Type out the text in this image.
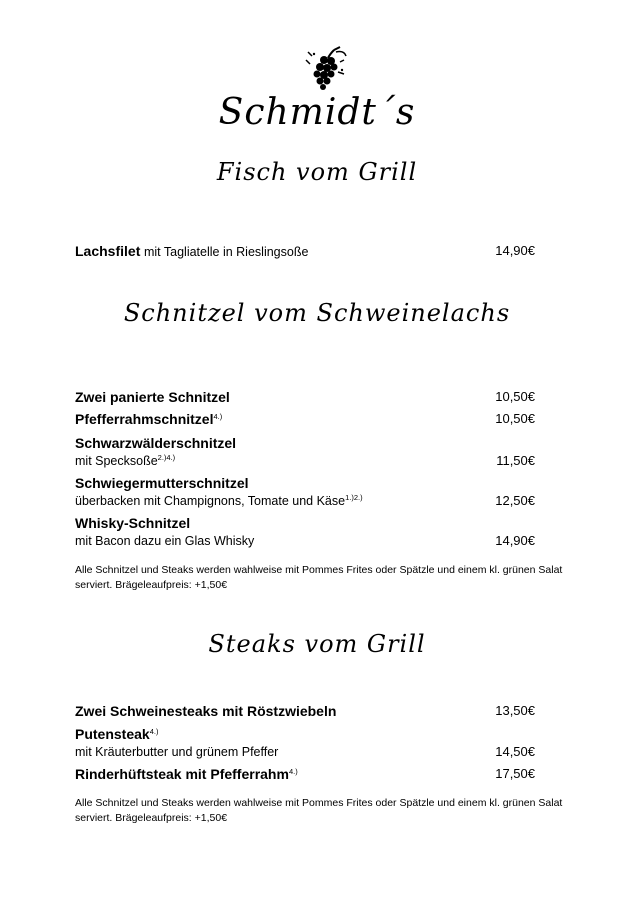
Schmidt´s
Fisch vom Grill
Lachsfilet mit Tagliatelle in Rieslingsoße	14,90€
Schnitzel vom Schweinelachs
Zwei panierte Schnitzel	10,50€
Pfefferrahmschnitzel$^{4.)}$	10,50€
Schwarzwälderschnitzel
mit Specksoße$^{2.)4.)}$	11,50€
Schwiegermutterschnitzel
überbacken mit Champignons, Tomate und Käse$^{1.)2.)}$	12,50€
Whisky-Schnitzel
mit Bacon dazu ein Glas Whisky	14,90€
Alle Schnitzel und Steaks werden wahlweise mit Pommes Frites oder Spätzle und einem kl. grünen Salat serviert. Brägeleaufpreis: +1,50€
Steaks vom Grill
Zwei Schweinesteaks mit Röstzwiebeln	13,50€
Putensteak$^{4.)}$
mit Kräuterbutter und grünem Pfeffer	14,50€
Rinderhüftsteak mit Pfefferrahm$^{4.)}$	17,50€
Alle Schnitzel und Steaks werden wahlweise mit Pommes Frites oder Spätzle und einem kl. grünen Salat serviert. Brägeleaufpreis: +1,50€
